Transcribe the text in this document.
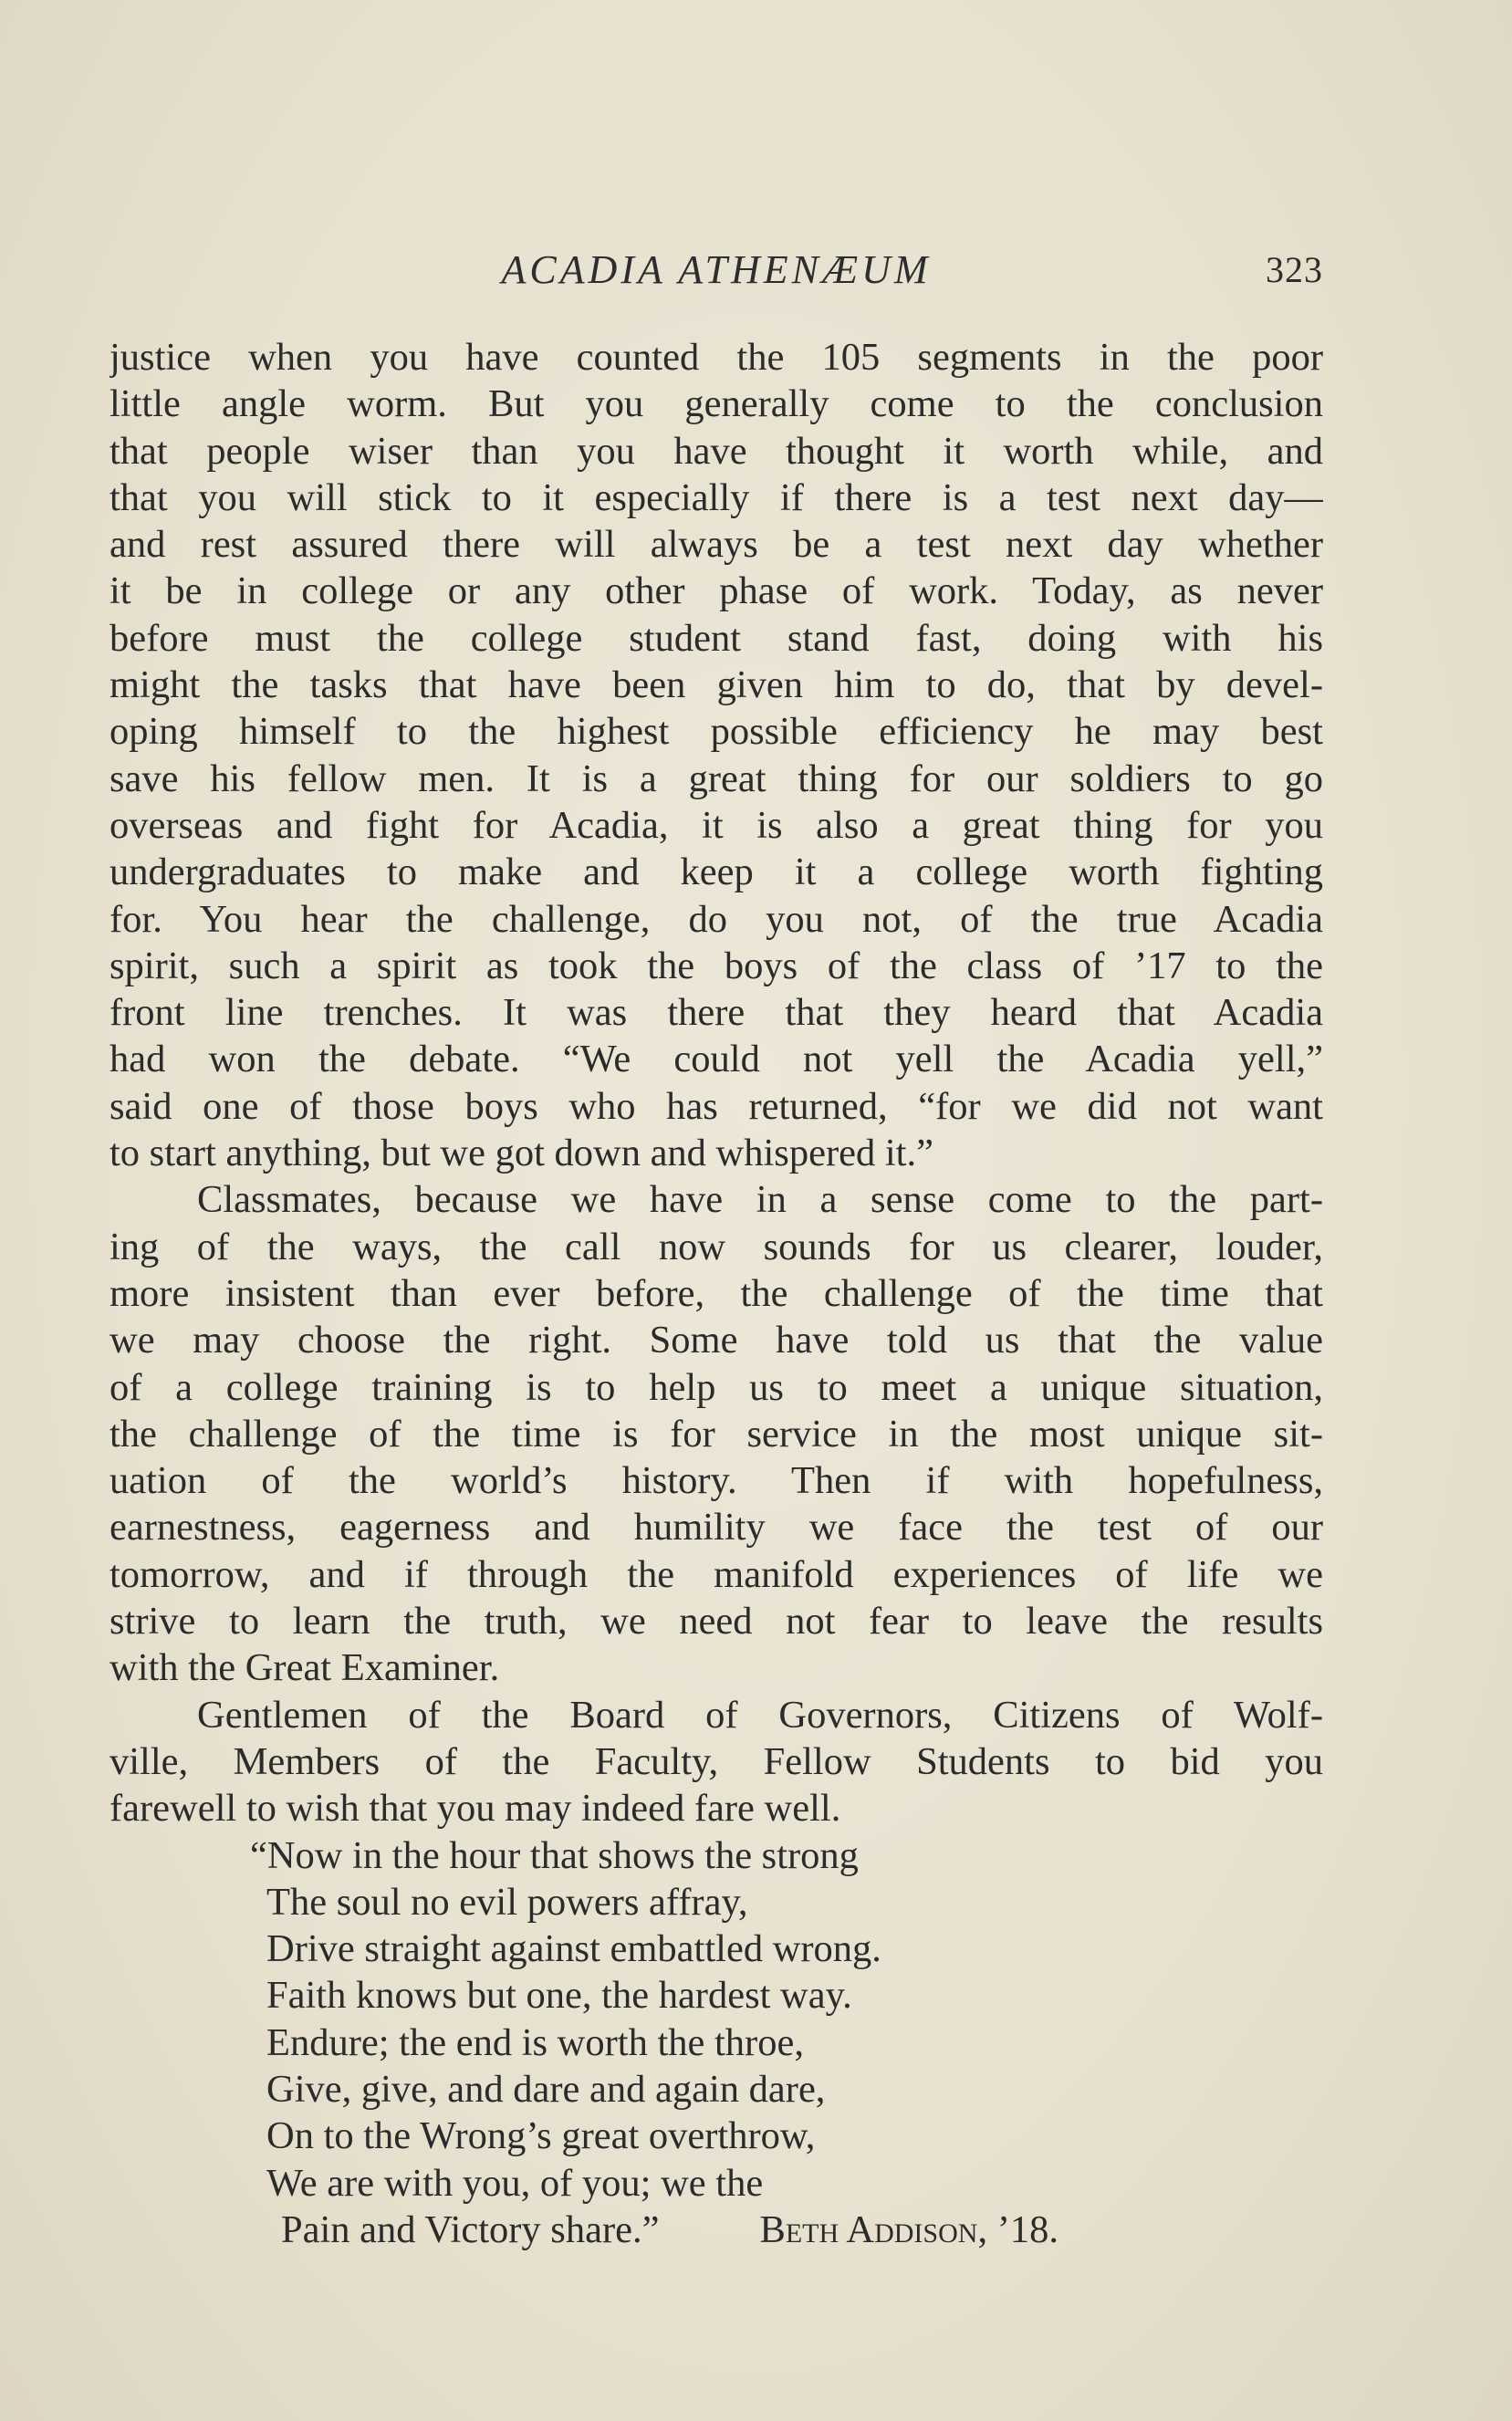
ACADIA ATHENÆUM	323
justice when you have counted the 105 segments in the poor
little angle worm. But you generally come to the conclusion
that people wiser than you have thought it worth while, and
that you will stick to it especially if there is a test next day—
and rest assured there will always be a test next day whether
it be in college or any other phase of work. Today, as never
before must the college student stand fast, doing with his
might the tasks that have been given him to do, that by devel-
oping himself to the highest possible efficiency he may best
save his fellow men. It is a great thing for our soldiers to go
overseas and fight for Acadia, it is also a great thing for you
undergraduates to make and keep it a college worth fighting
for. You hear the challenge, do you not, of the true Acadia
spirit, such a spirit as took the boys of the class of ’17 to the
front line trenches. It was there that they heard that Acadia
had won the debate. “We could not yell the Acadia yell,”
said one of those boys who has returned, “for we did not want
to start anything, but we got down and whispered it.”
Classmates, because we have in a sense come to the part-
ing of the ways, the call now sounds for us clearer, louder,
more insistent than ever before, the challenge of the time that
we may choose the right. Some have told us that the value
of a college training is to help us to meet a unique situation,
the challenge of the time is for service in the most unique sit-
uation of the world’s history. Then if with hopefulness,
earnestness, eagerness and humility we face the test of our
tomorrow, and if through the manifold experiences of life we
strive to learn the truth, we need not fear to leave the results
with the Great Examiner.
Gentlemen of the Board of Governors, Citizens of Wolf-
ville, Members of the Faculty, Fellow Students to bid you
farewell to wish that you may indeed fare well.
“Now in the hour that shows the strong
The soul no evil powers affray,
Drive straight against embattled wrong.
Faith knows but one, the hardest way.
Endure; the end is worth the throe,
Give, give, and dare and again dare,
On to the Wrong’s great overthrow,
We are with you, of you; we the
Pain and Victory share.”	Beth Addison, ’18.
